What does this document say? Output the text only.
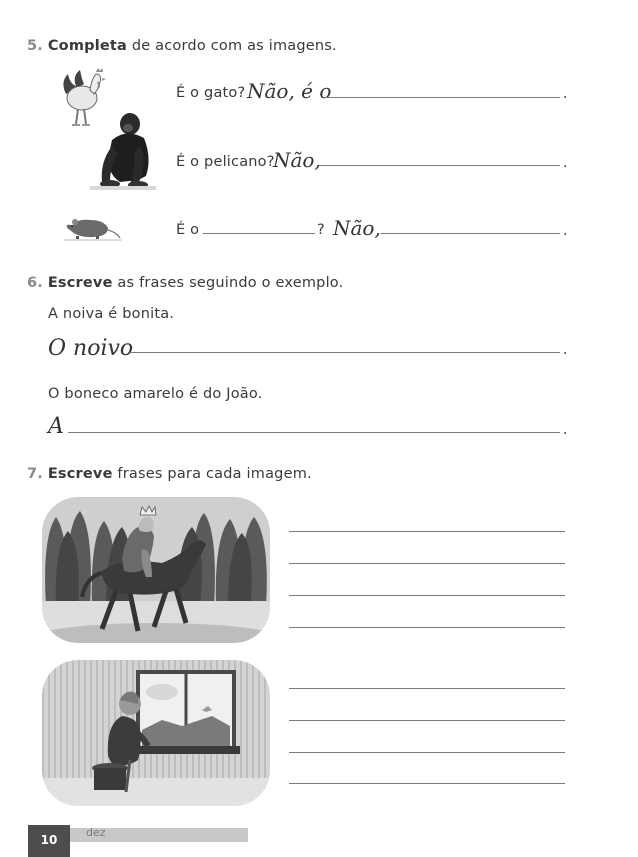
5. Completa de acordo com as imagens.
É o gato? Não, é o	.
É o pelicano?
Não,	.
É o	? Não,	.
6. Escreve as frases seguindo o exemplo.
A noiva é bonita.
O noivo	.
O boneco amarelo é do João.
A	.
7. Escreve frases para cada imagem.
10
dez
